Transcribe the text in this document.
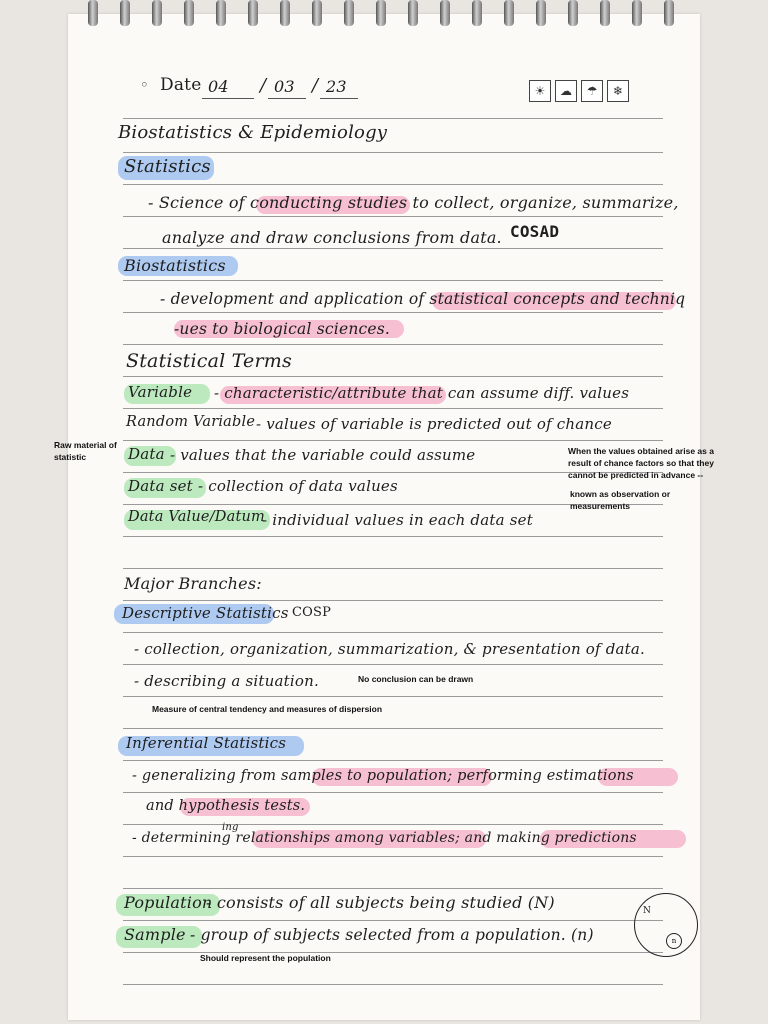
◦ Date 04 / 03 / 23	☀	☁	☂	❄
Biostatistics & Epidemiology
Statistics
- Science of conducting studies to collect, organize, summarize,
analyze and draw conclusions from data. COSAD
Biostatistics
- development and application of statistical concepts and techniq
-ues to biological sciences.
Statistical Terms
Variable - characteristic/attribute that can assume diff. values
Random Variable - values of variable is predicted out of chance
Data - values that the variable could assume
Data set - collection of data values
Data Value/Datum
- individual values in each data set
Raw material of statistic
When the values obtained arise as a result of chance factors so that they cannot be predicted in advance --
known as observation or measurements
Major Branches:
Descriptive Statistics COSP
- collection, organization, summarization, & presentation of data.
- describing a situation.	No conclusion can be drawn
Measure of central tendency and measures of dispersion
Inferential Statistics
- generalizing from samples to population; performing estimations
and hypothesis tests.
- determining relationships among variables; and making predictions
ing
Population
- consists of all subjects being studied (N)
Sample - group of subjects selected from a population. (n)
Should represent the population
N
n
